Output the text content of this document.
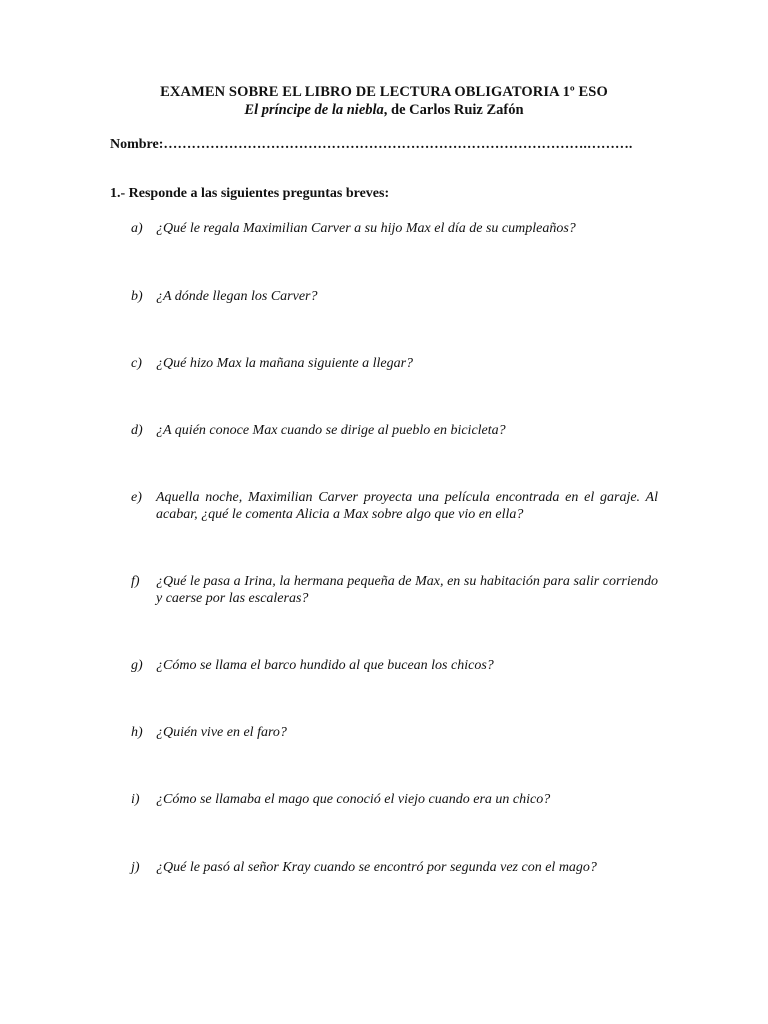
EXAMEN SOBRE EL LIBRO DE LECTURA OBLIGATORIA 1º ESO
El príncipe de la niebla, de Carlos Ruiz Zafón
Nombre:……………………………………………………………………………….……….
1.- Responde a las siguientes preguntas breves:
a) ¿Qué le regala Maximilian Carver a su hijo Max el día de su cumpleaños?
b) ¿A dónde llegan los Carver?
c) ¿Qué hizo Max la mañana siguiente a llegar?
d) ¿A quién conoce Max cuando se dirige al pueblo en bicicleta?
e) Aquella noche, Maximilian Carver proyecta una película encontrada en el garaje. Al acabar, ¿qué le comenta Alicia a Max sobre algo que vio en ella?
f) ¿Qué le pasa a Irina, la hermana pequeña de Max, en su habitación para salir corriendo y caerse por las escaleras?
g) ¿Cómo se llama el barco hundido al que bucean los chicos?
h) ¿Quién vive en el faro?
i) ¿Cómo se llamaba el mago que conoció el viejo cuando era un chico?
j) ¿Qué le pasó al señor Kray cuando se encontró por segunda vez con el mago?
